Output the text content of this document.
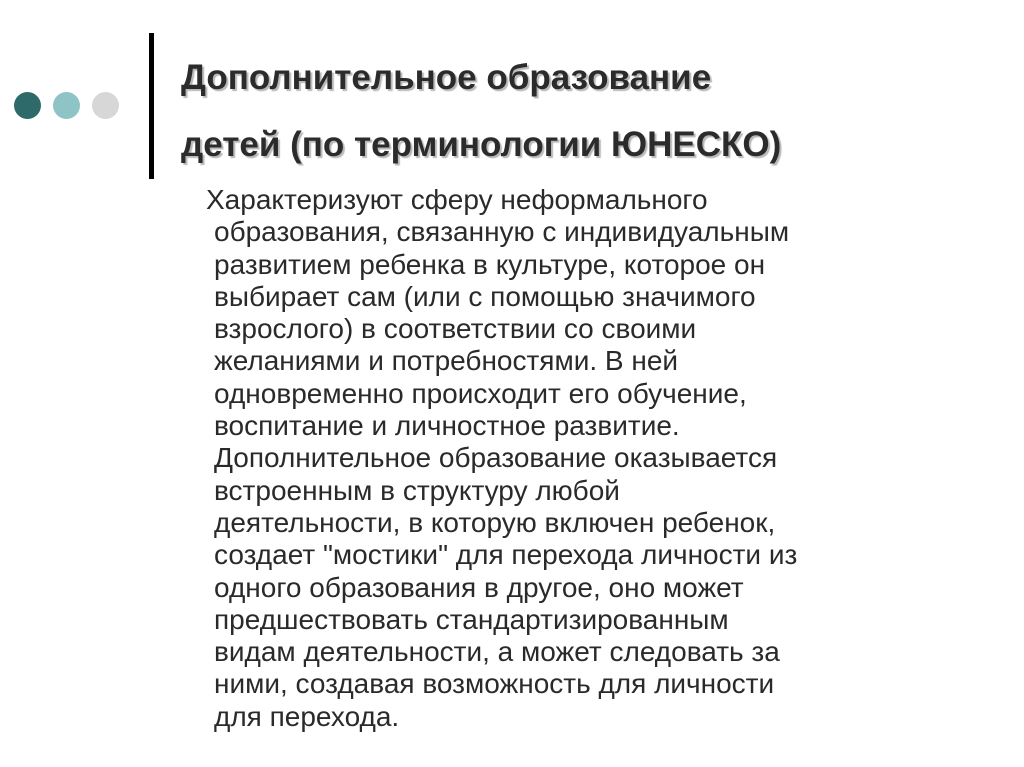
Дополнительное образование
детей (по терминологии ЮНЕСКО)

Характеризуют сферу неформального
образования, связанную с индивидуальным
развитием ребенка в культуре, которое он
выбирает сам (или с помощью значимого
взрослого) в соответствии со своими
желаниями и потребностями. В ней
одновременно происходит его обучение,
воспитание и личностное развитие.
Дополнительное образование оказывается
встроенным в структуру любой
деятельности, в которую включен ребенок,
создает "мостики" для перехода личности из
одного образования в другое, оно может
предшествовать стандартизированным
видам деятельности, а может следовать за
ними, создавая возможность для личности
для перехода.
